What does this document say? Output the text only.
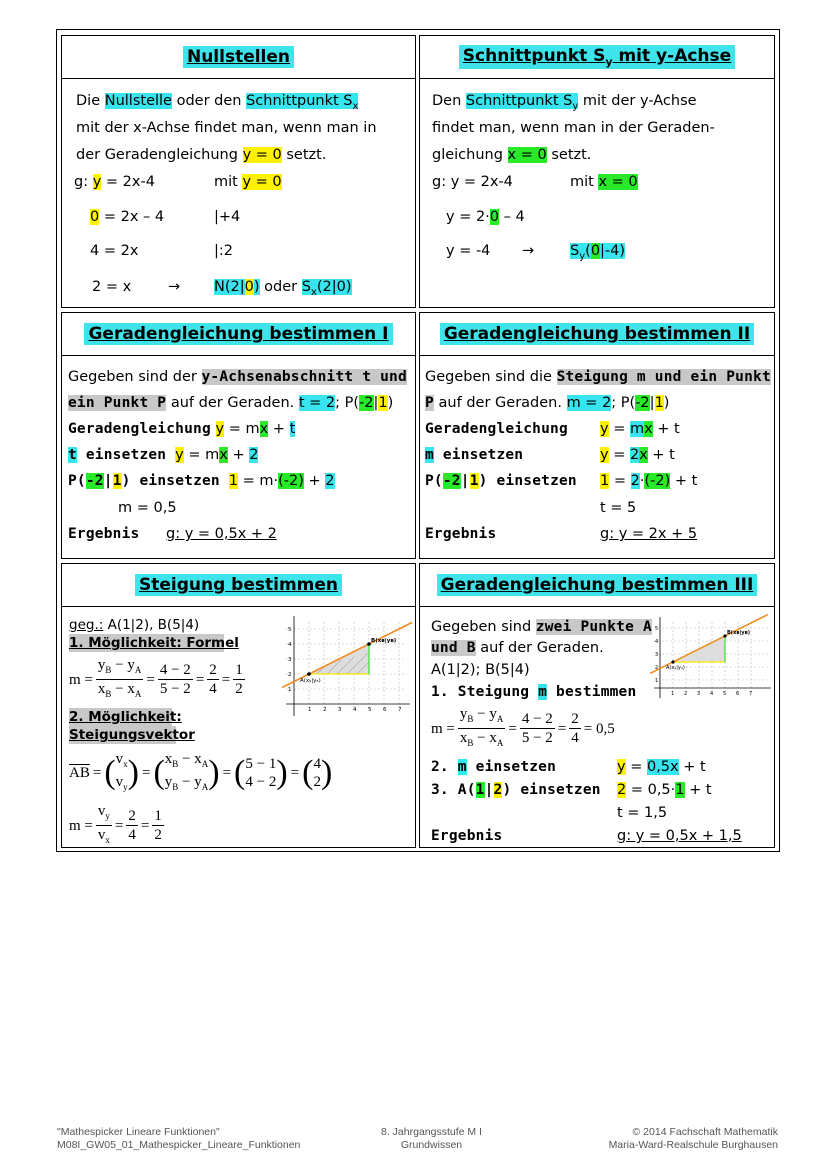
Nullstellen
Die Nullstelle oder den Schnittpunkt $S_x$
mit der x-Achse findet man, wenn man in
der Geradengleichung y = 0 setzt.
g: y = 2x-4	mit y = 0
0 = 2x – 4	|+4
4 = 2x	|:2
2 = x	→ N(2|0) oder $S_x(2|0)$
Schnittpunkt $S_y$ mit y-Achse
Den Schnittpunkt $S_y$ mit der y-Achse
findet man, wenn man in der Geraden-
gleichung x = 0 setzt.
g: y = 2x-4	mit x = 0
y = 2·0 – 4
$y = -4 \to S_y(0|-4)$
Geradengleichung bestimmen I
Gegeben sind der y-Achsenabschnitt t und
ein Punkt P auf der Geraden. t = 2; P(-2|1)
Geradengleichung y = mx + t
t einsetzen y = mx + 2
P(-2|1) einsetzen 1 = m·(-2) + 2
m = 0,5
Ergebnis g: y = 0,5x + 2
Geradengleichung bestimmen II
Gegeben sind die Steigung m und ein Punkt
P auf der Geraden. m = 2; P(-2|1)
Geradengleichung y = mx + t
m einsetzen	y = 2x + t
P(-2|1) einsetzen 1 = 2·(-2) + t
t = 5
Ergebnis	g: y = 2x + 5
Steigung bestimmen
geg.: A(1|2), B(5|4)
1. Möglichkeit: Formel
$m = \frac{y_B - y_A}{x_B - x_A} = \frac{4 - 2}{5 - 2} = \frac{2}{4} = \frac{1}{2}$
2. Möglichkeit:
Steigungsvektor
$\overline{AB}$ = ( $v_x$
$v_y$ ) = ( $x_B - x_A$
$y_B - y_A$ ) = ( 5 − 1
4 − 2 ) = ( 4
2 )
$m = \frac{v_y}{v_x} = \frac{2}{4} = \frac{1}{2}$
A(xₐ|yₐ)
B(xв|yв)
1 2 3 4 5 6 7
1
2
3
4
5
Geradengleichung bestimmen III
Gegeben sind zwei Punkte A
und B auf der Geraden.
A(1|2); B(5|4)
1. Steigung m bestimmen
$m = \frac{y_B - y_A}{x_B - x_A} = \frac{4 - 2}{5 - 2} = \frac{2}{4} = 0,5$
2. m einsetzen	y = 0,5x + t
3. A(1|2) einsetzen 2 = 0,5·1 + t
t = 1,5
Ergebnis	g: y = 0,5x + 1,5
A(xₐ|yₐ)
B(xв|yв)
1 2 3 4 5 6 7
1
2
3
4
5
"Mathespicker Lineare Funktionen"
M08I_GW05_01_Mathespicker_Lineare_Funktionen
8. Jahrgangsstufe M I
Grundwissen
© 2014 Fachschaft Mathematik
Maria-Ward-Realschule Burghausen
